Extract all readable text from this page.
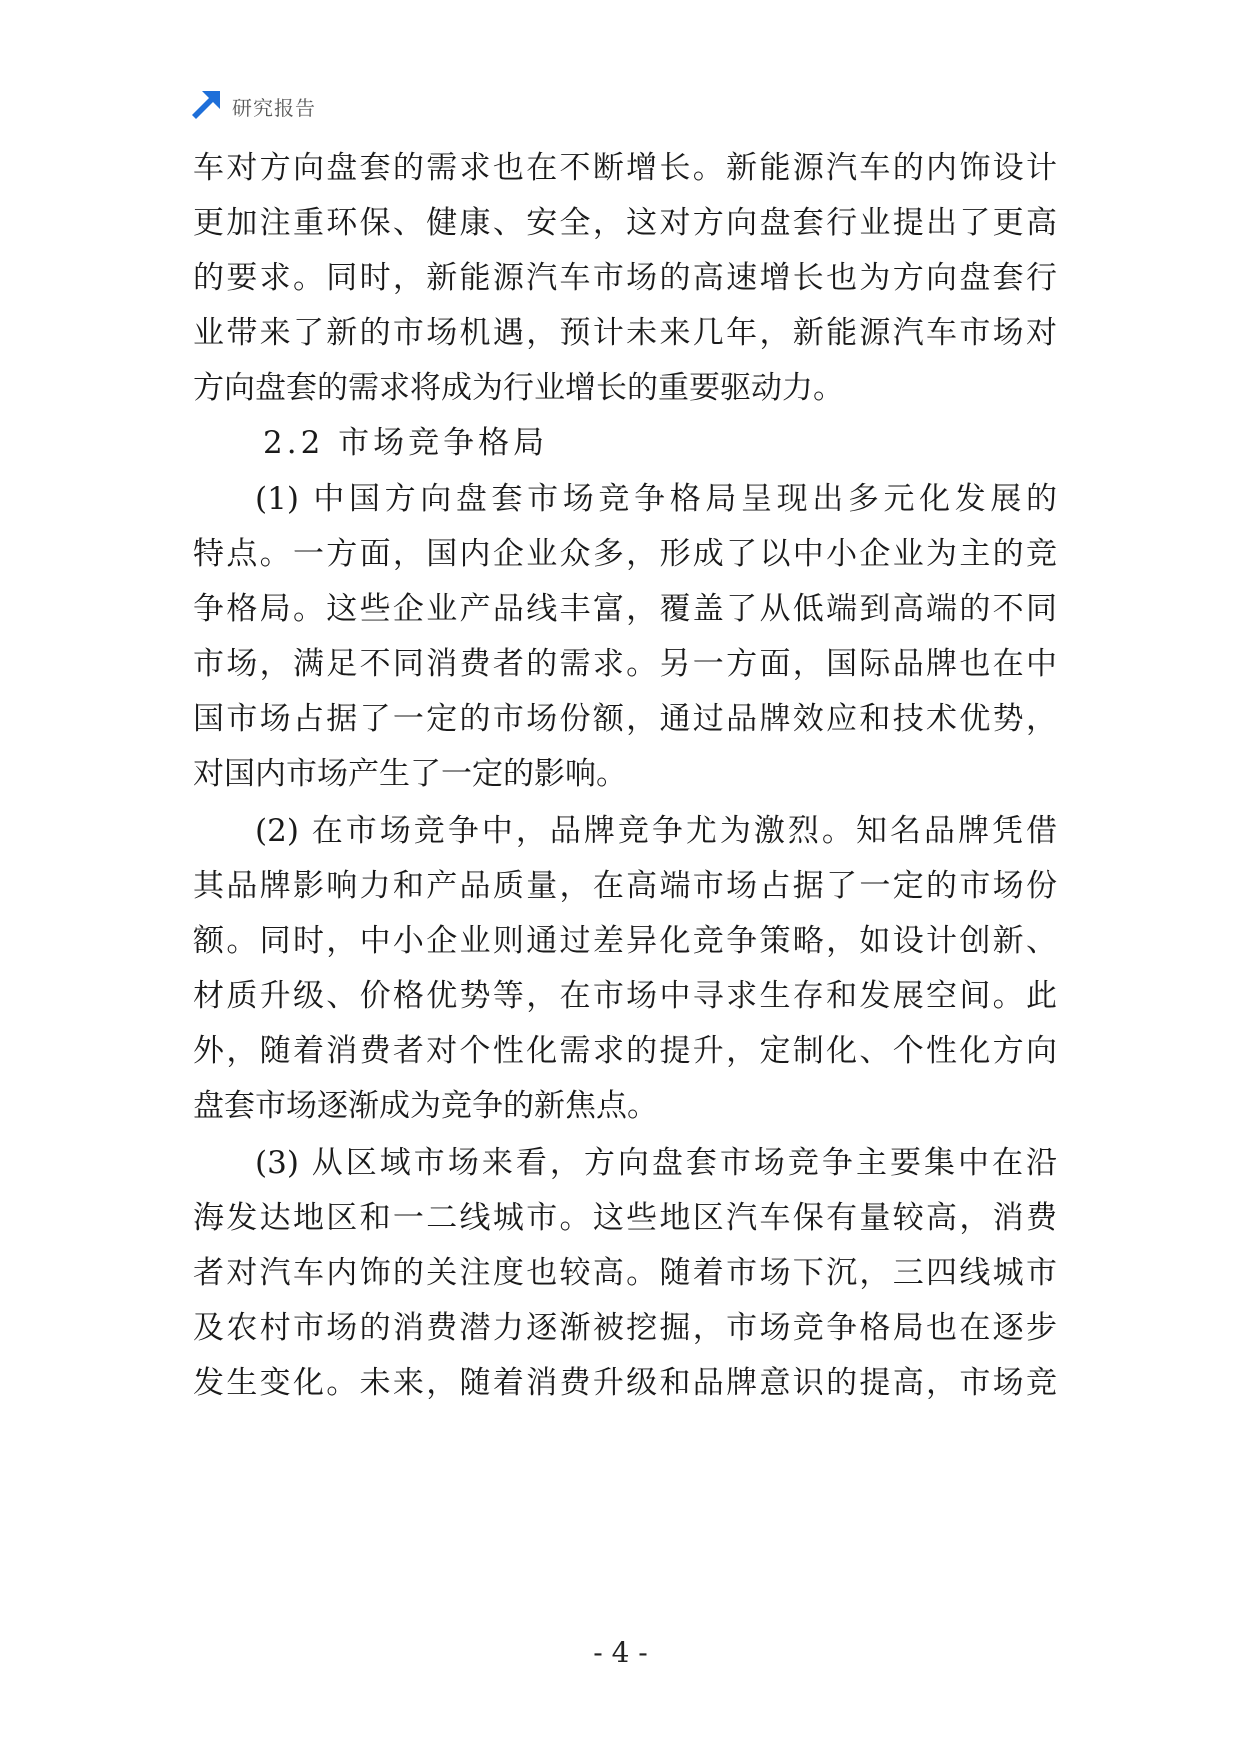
研究报告
车对方向盘套的需求也在不断增长。新能源汽车的内饰设计
更加注重环保、健康、安全，这对方向盘套行业提出了更高
的要求。同时，新能源汽车市场的高速增长也为方向盘套行
业带来了新的市场机遇，预计未来几年，新能源汽车市场对
方向盘套的需求将成为行业增长的重要驱动力。
2.2 市场竞争格局
(1) 中国方向盘套市场竞争格局呈现出多元化发展的
特点。一方面，国内企业众多，形成了以中小企业为主的竞
争格局。这些企业产品线丰富，覆盖了从低端到高端的不同
市场，满足不同消费者的需求。另一方面，国际品牌也在中
国市场占据了一定的市场份额，通过品牌效应和技术优势，
对国内市场产生了一定的影响。
(2) 在市场竞争中，品牌竞争尤为激烈。知名品牌凭借
其品牌影响力和产品质量，在高端市场占据了一定的市场份
额。同时，中小企业则通过差异化竞争策略，如设计创新、
材质升级、价格优势等，在市场中寻求生存和发展空间。此
外，随着消费者对个性化需求的提升，定制化、个性化方向
盘套市场逐渐成为竞争的新焦点。
(3) 从区域市场来看，方向盘套市场竞争主要集中在沿
海发达地区和一二线城市。这些地区汽车保有量较高，消费
者对汽车内饰的关注度也较高。随着市场下沉，三四线城市
及农村市场的消费潜力逐渐被挖掘，市场竞争格局也在逐步
发生变化。未来，随着消费升级和品牌意识的提高，市场竞
- 4 -
